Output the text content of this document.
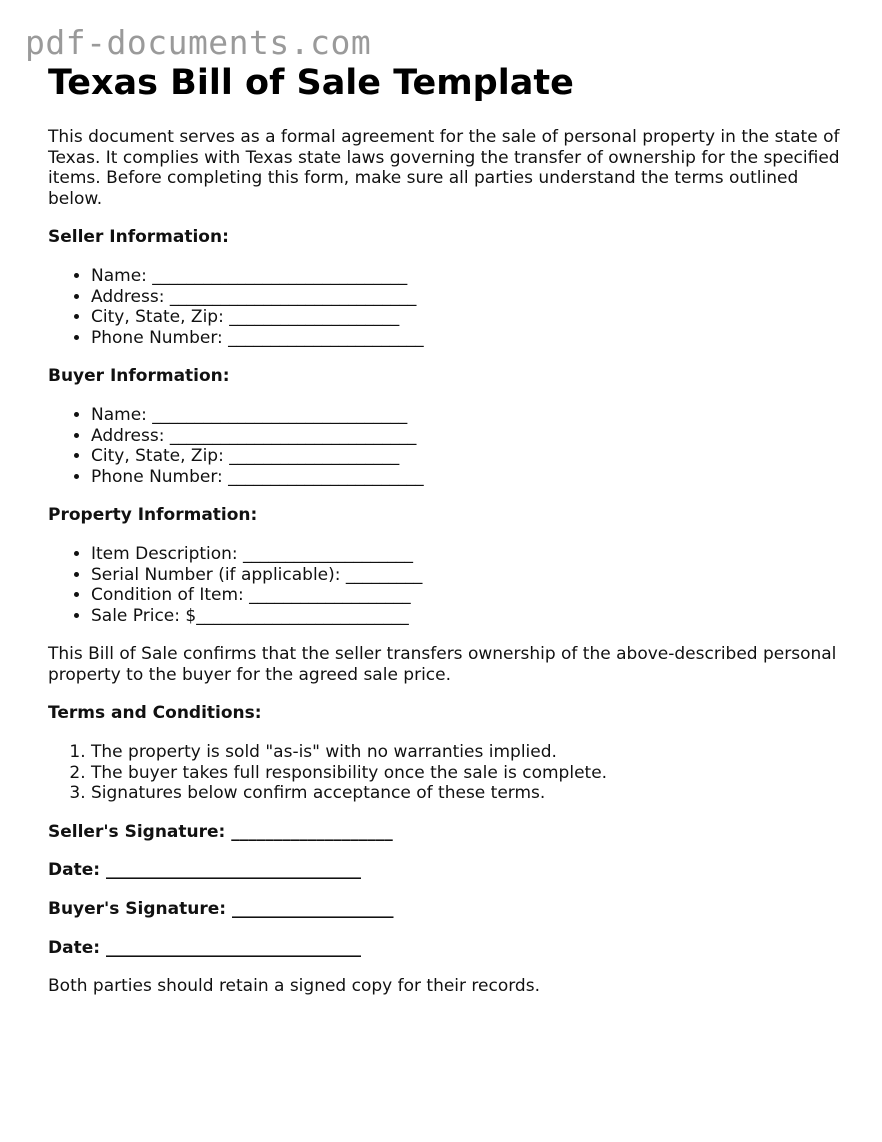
pdf-documents.com
Texas Bill of Sale Template

This document serves as a formal agreement for the sale of personal property in the state of Texas. It complies with Texas state laws governing the transfer of ownership for the specified items. Before completing this form, make sure all parties understand the terms outlined below.

Seller Information:

• Name: ______________________________
• Address: _____________________________
• City, State, Zip: ____________________
• Phone Number: _______________________

Buyer Information:

• Name: ______________________________
• Address: _____________________________
• City, State, Zip: ____________________
• Phone Number: _______________________

Property Information:

• Item Description: ____________________
• Serial Number (if applicable): _________
• Condition of Item: ___________________
• Sale Price: $_________________________

This Bill of Sale confirms that the seller transfers ownership of the above-described personal property to the buyer for the agreed sale price.

Terms and Conditions:

1. The property is sold "as-is" with no warranties implied.
2. The buyer takes full responsibility once the sale is complete.
3. Signatures below confirm acceptance of these terms.

Seller's Signature: ___________________

Date: ______________________________

Buyer's Signature: ___________________

Date: ______________________________

Both parties should retain a signed copy for their records.
